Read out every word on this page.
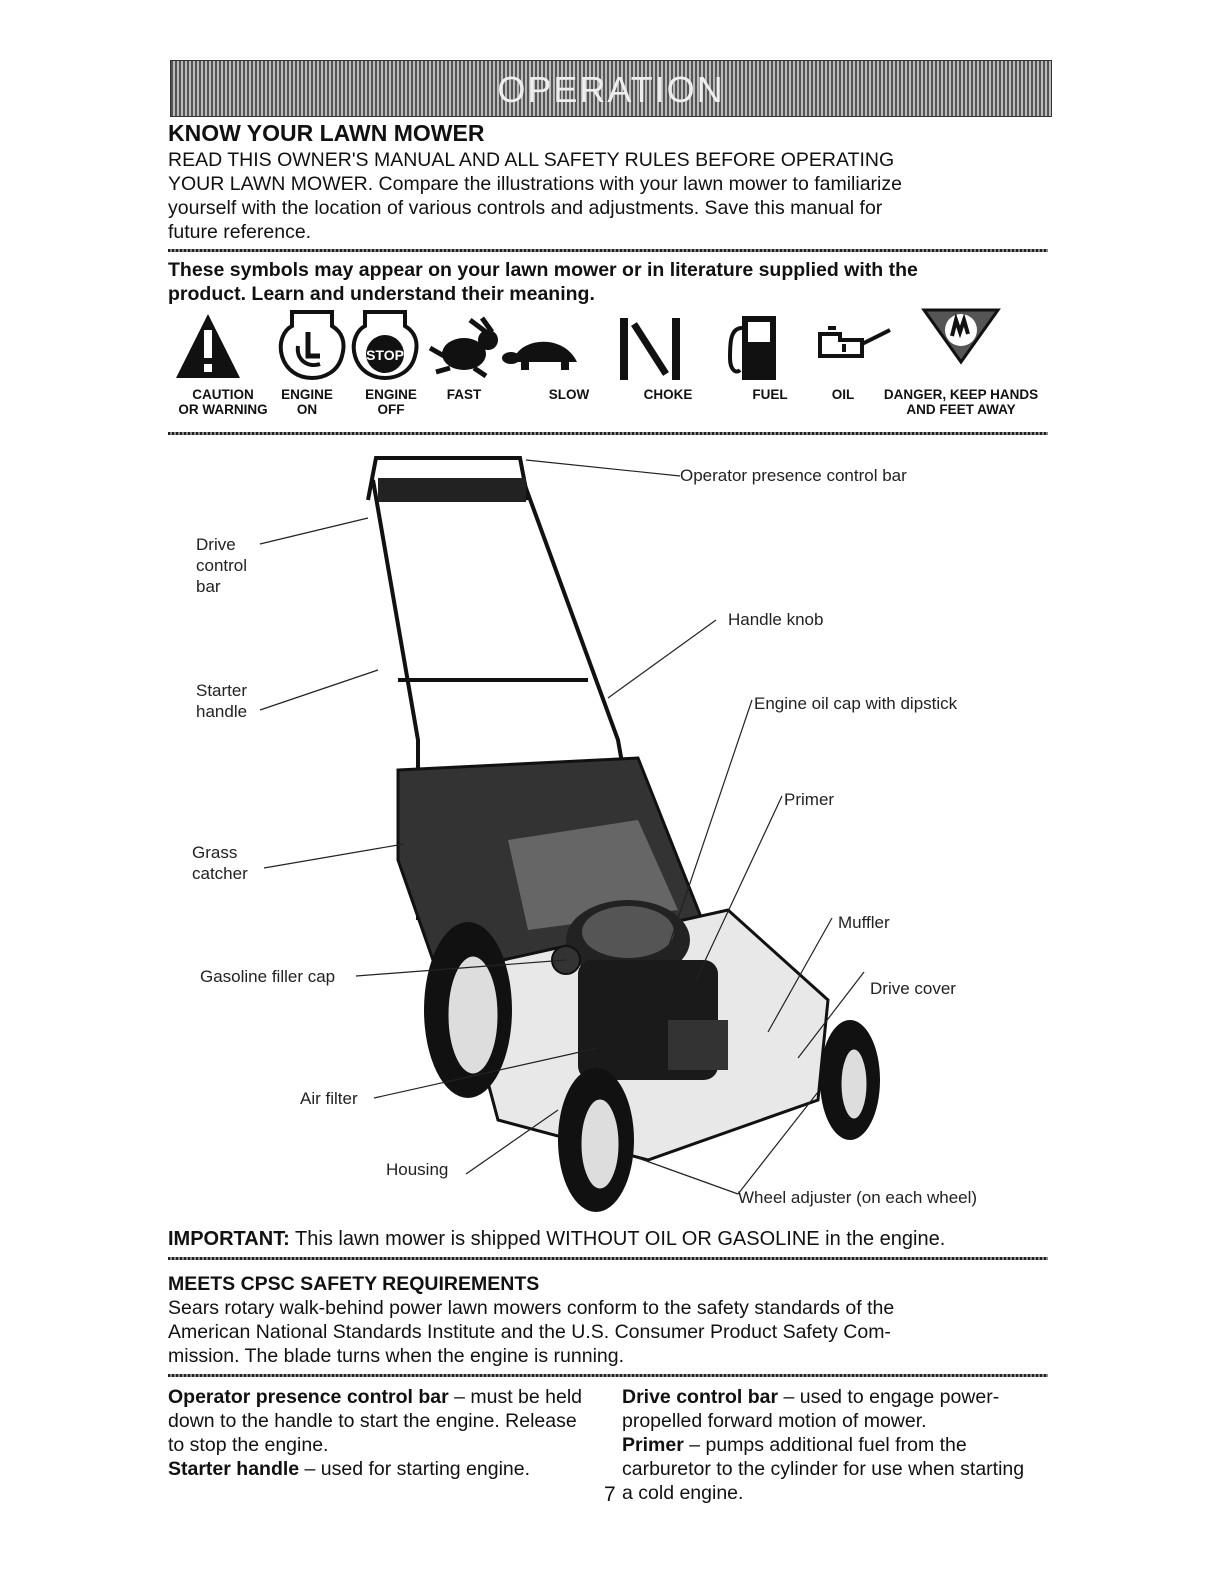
OPERATION
KNOW YOUR LAWN MOWER
READ THIS OWNER'S MANUAL AND ALL SAFETY RULES BEFORE OPERATING
YOUR LAWN MOWER. Compare the illustrations with your lawn mower to familiarize
yourself with the location of various controls and adjustments. Save this manual for
future reference.
These symbols may appear on your lawn mower or in literature supplied with the
product. Learn and understand their meaning.
STOP
CAUTION
OR WARNING
ENGINE
ON
ENGINE
OFF
FAST	SLOW	CHOKE	FUEL	OIL	DANGER, KEEP HANDS
AND FEET AWAY
Operator presence control bar
Drive
control
bar
Handle knob
Starter
handle	Engine oil cap with dipstick
Primer
Grass
catcher
Muffler
Gasoline filler cap
Drive cover
Air filter
Housing
Wheel adjuster (on each wheel)
IMPORTANT: This lawn mower is shipped WITHOUT OIL OR GASOLINE in the engine.
MEETS CPSC SAFETY REQUIREMENTS
Sears rotary walk-behind power lawn mowers conform to the safety standards of the
American National Standards Institute and the U.S. Consumer Product Safety Com-
mission. The blade turns when the engine is running.
Operator presence control bar – must be held down to the handle to start the engine. Release to stop the engine.
Starter handle – used for starting engine.
Drive control bar – used to engage power-propelled forward motion of mower.
Primer – pumps additional fuel from the carburetor to the cylinder for use when starting a cold engine.
7
